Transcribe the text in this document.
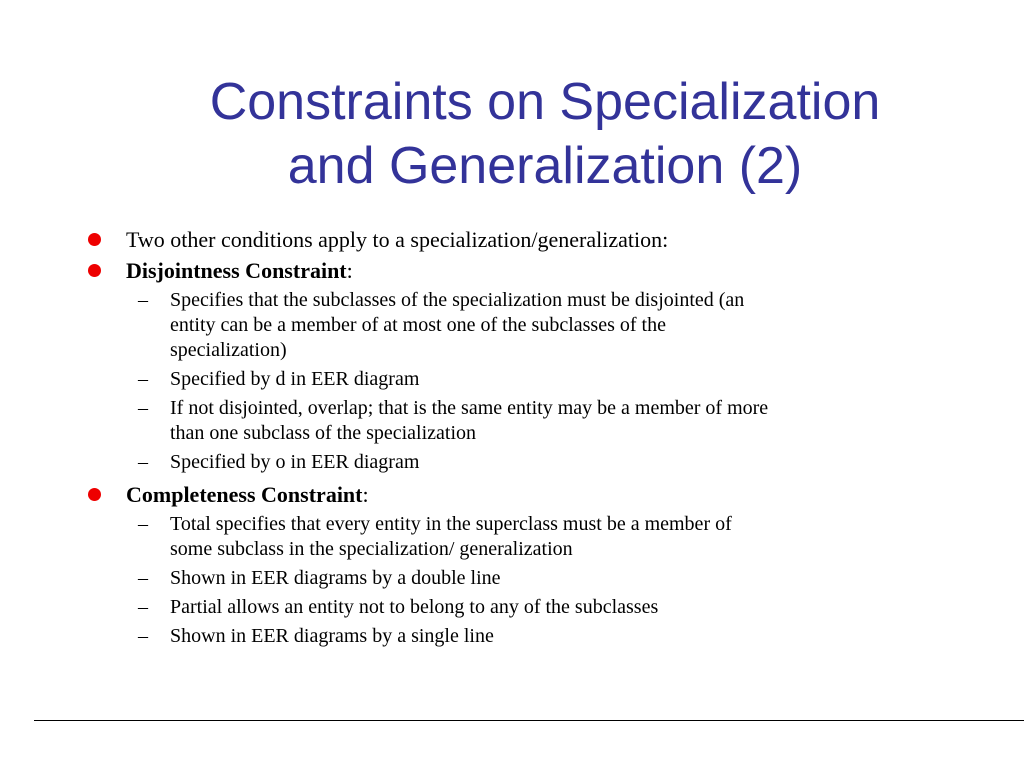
Constraints on Specialization
and Generalization (2)
Two other conditions apply to a specialization/generalization:
Disjointness Constraint:
– Specifies that the subclasses of the specialization must be disjointed (an
entity can be a member of at most one of the subclasses of the
specialization)
– Specified by d in EER diagram
– If not disjointed, overlap; that is the same entity may be a member of more
than one subclass of the specialization
– Specified by o in EER diagram
Completeness Constraint:
– Total specifies that every entity in the superclass must be a member of
some subclass in the specialization/ generalization
– Shown in EER diagrams by a double line
– Partial allows an entity not to belong to any of the subclasses
– Shown in EER diagrams by a single line
